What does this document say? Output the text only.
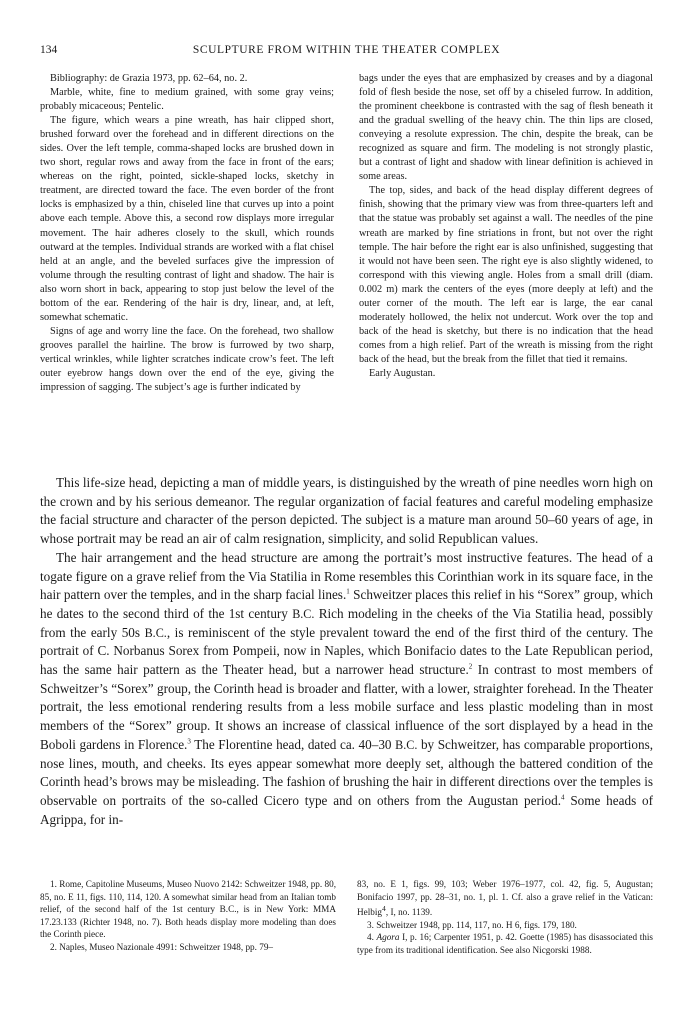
134	SCULPTURE FROM WITHIN THE THEATER COMPLEX

Bibliography: de Grazia 1973, pp. 62–64, no. 2.

Marble, white, fine to medium grained, with some gray veins; probably micaceous; Pentelic.

The figure, which wears a pine wreath, has hair clipped short, brushed forward over the forehead and in different directions on the sides. Over the left temple, comma-shaped locks are brushed down in two short, regular rows and away from the face in front of the ears; whereas on the right, pointed, sickle-shaped locks, sketchy in treatment, are directed toward the face. The even border of the front locks is emphasized by a thin, chiseled line that curves up into a point above each temple. Above this, a second row displays more irregular movement. The hair adheres closely to the skull, which rounds outward at the temples. Individual strands are worked with a flat chisel held at an angle, and the beveled surfaces give the impression of volume through the resulting contrast of light and shadow. The hair is also worn short in back, appearing to stop just below the level of the bottom of the ear. Rendering of the hair is dry, linear, and, at left, somewhat schematic.

Signs of age and worry line the face. On the forehead, two shallow grooves parallel the hairline. The brow is furrowed by two sharp, vertical wrinkles, while lighter scratches indicate crow’s feet. The left outer eyebrow hangs down over the end of the eye, giving the impression of sagging. The subject’s age is further indicated by

bags under the eyes that are emphasized by creases and by a diagonal fold of flesh beside the nose, set off by a chiseled furrow. In addition, the prominent cheekbone is contrasted with the sag of flesh beneath it and the gradual swelling of the heavy chin. The thin lips are closed, conveying a resolute expression. The chin, despite the break, can be recognized as square and firm. The modeling is not strongly plastic, but a contrast of light and shadow with linear definition is achieved in some areas.

The top, sides, and back of the head display different degrees of finish, showing that the primary view was from three-quarters left and that the statue was probably set against a wall. The needles of the pine wreath are marked by fine striations in front, but not over the right temple. The hair before the right ear is also unfinished, suggesting that it would not have been seen. The right eye is also slightly widened, to correspond with this viewing angle. Holes from a small drill (diam. 0.002 m) mark the centers of the eyes (more deeply at left) and the outer corner of the mouth. The left ear is large, the ear canal moderately hollowed, the helix not undercut. Work over the top and back of the head is sketchy, but there is no indication that the head comes from a high relief. Part of the wreath is missing from the right back of the head, but the break from the fillet that tied it remains.

Early Augustan.

This life-size head, depicting a man of middle years, is distinguished by the wreath of pine needles worn high on the crown and by his serious demeanor. The regular organization of facial features and careful modeling emphasize the facial structure and character of the person depicted. The subject is a mature man around 50–60 years of age, in whose portrait may be read an air of calm resignation, simplicity, and solid Republican values.

The hair arrangement and the head structure are among the portrait’s most instructive features. The head of a togate figure on a grave relief from the Via Statilia in Rome resembles this Corinthian work in its square face, in the hair pattern over the temples, and in the sharp facial lines.$^1$ Schweitzer places this relief in his “Sorex” group, which he dates to the second third of the 1st century B.C. Rich modeling in the cheeks of the Via Statilia head, possibly from the early 50s B.C., is reminiscent of the style prevalent toward the end of the first third of the century. The portrait of C. Norbanus Sorex from Pompeii, now in Naples, which Bonifacio dates to the Late Republican period, has the same hair pattern as the Theater head, but a narrower head structure.$^2$ In contrast to most members of Schweitzer’s “Sorex” group, the Corinth head is broader and flatter, with a lower, straighter forehead. In the Theater portrait, the less emotional rendering results from a less mobile surface and less plastic modeling than in most members of the “Sorex” group. It shows an increase of classical influence of the sort displayed by a head in the Boboli gardens in Florence.$^3$ The Florentine head, dated ca. 40–30 B.C. by Schweitzer, has comparable proportions, nose lines, mouth, and cheeks. Its eyes appear somewhat more deeply set, although the battered condition of the Corinth head’s brows may be misleading. The fashion of brushing the hair in different directions over the temples is observable on portraits of the so-called Cicero type and on others from the Augustan period.$^4$ Some heads of Agrippa, for in-

1. Rome, Capitoline Museums, Museo Nuovo 2142: Schweitzer 1948, pp. 80, 85, no. E 11, figs. 110, 114, 120. A somewhat similar head from an Italian tomb relief, of the second half of the 1st century B.C., is in New York: MMA 17.23.133 (Richter 1948, no. 7). Both heads display more modeling than does the Corinth piece.

2. Naples, Museo Nazionale 4991: Schweitzer 1948, pp. 79–

83, no. E 1, figs. 99, 103; Weber 1976–1977, col. 42, fig. 5, Augustan; Bonifacio 1997, pp. 28–31, no. 1, pl. 1. Cf. also a grave relief in the Vatican: Helbig$^4$, I, no. 1139.

3. Schweitzer 1948, pp. 114, 117, no. H 6, figs. 179, 180.

4. Agora I, p. 16; Carpenter 1951, p. 42. Goette (1985) has disassociated this type from its traditional identification. See also Nicgorski 1988.
